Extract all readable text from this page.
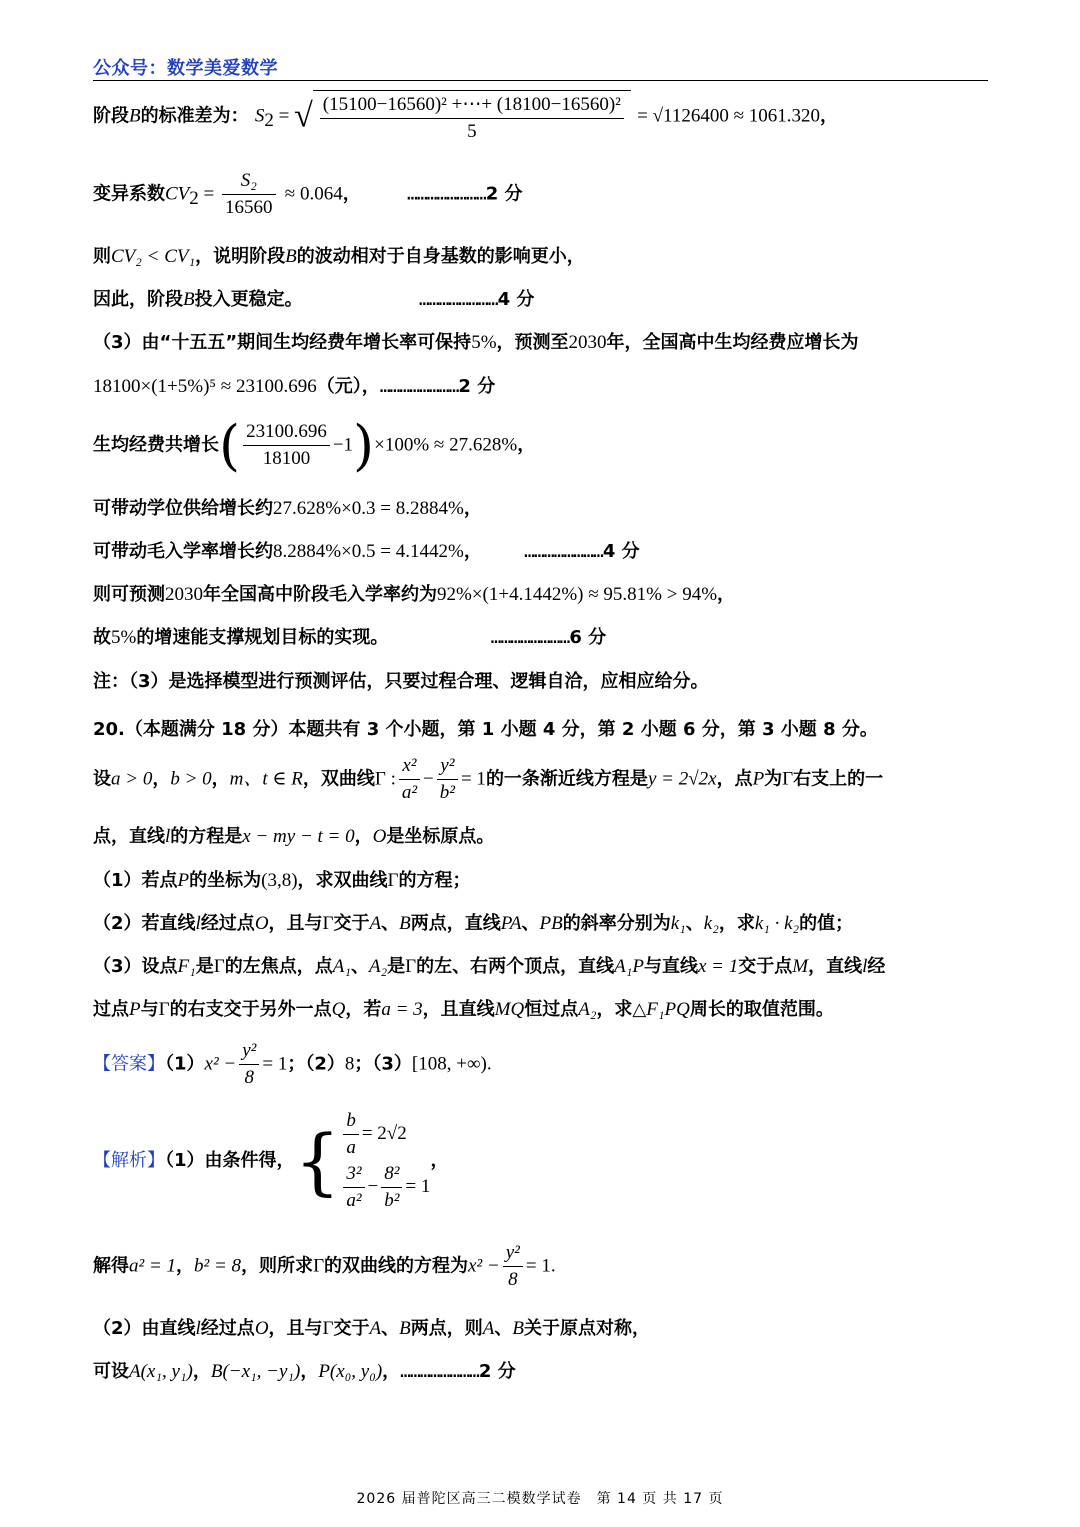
公众号：数学美爱数学
阶段B的标准差为： $S_2$ = √ $\frac{\text{(15100−16560)² +⋯+ (18100−16560)²}}{5} = √1126400 \approx 1061.320$，
变异系数$CV_2 = \frac{\text{S₂}}{16560} \approx 0.064$，	……………………2 分
则CV₂ < CV₁，说明阶段B的波动相对于自身基数的影响更小，
因此，阶段B投入更稳定。	……………………4 分
（3）由“十五五”期间生均经费年增长率可保持5%，预测至2030年，全国高中生均经费应增长为
18100×(1+5%)⁵ ≈ 23100.696（元），……………………2 分
生均经费共增长( $\frac{23100.696}{18100} -1)\times 100\% \approx 27.628\%$，
可带动学位供给增长约27.628%×0.3 = 8.2884%，
可带动毛入学率增长约8.2884%×0.5 = 4.1442%， ……………………4 分
则可预测2030年全国高中阶段毛入学率约为92%×(1+4.1442%) ≈ 95.81% > 94%，
故5%的增速能支撑规划目标的实现。	……………………6 分
注：（3）是选择模型进行预测评估，只要过程合理、逻辑自洽，应相应给分。
20.（本题满分 18 分）本题共有 3 个小题，第 1 小题 4 分，第 2 小题 6 分，第 3 小题 8 分。
设a > 0，b > 0，m、t ∈ R，双曲线Γ : $\frac{\text{x²}}{\text{a²}} - \frac{\text{y²}}{\text{b²}} = 1$的一条渐近线方程是y = 2√2x，点P为Γ右支上的一
点，直线l的方程是x − my − t = 0，O是坐标原点。
（1）若点P的坐标为(3,8)，求双曲线Γ的方程；
（2）若直线l经过点O，且与Γ交于A、B两点，直线PA、PB的斜率分别为k₁、k₂，求k₁ · k₂的值；
（3）设点F₁是Γ的左焦点，点A₁、A₂是Γ的左、右两个顶点，直线A₁P与直线x = 1交于点M，直线l经
过点P与Γ的右支交于另外一点Q，若a = 3，且直线MQ恒过点A₂，求△F₁PQ周长的取值范围。
【答案】$(1)x^2 - \frac{\text{y²}}{8} = 1$；（2）8；（3）[108, +∞).
【解析】（1）由条件得，{ $\frac{b}{a} = 2√2$
$\frac{\text{3²}}{\text{a²}} - \frac{\text{8²}}{\text{b²}} = 1$
，
解得a² = 1，b² = 8，则所求Γ的双曲线的方程为$x^2 - \frac{\text{y²}}{8} = 1$.
（2）由直线l经过点O，且与Γ交于A、B两点，则A、B关于原点对称，
可设A(x₁, y₁)，B(−x₁, −y₁)，P(x₀, y₀)，……………………2 分
2026 届普陀区高三二模数学试卷　第 14 页 共 17 页
